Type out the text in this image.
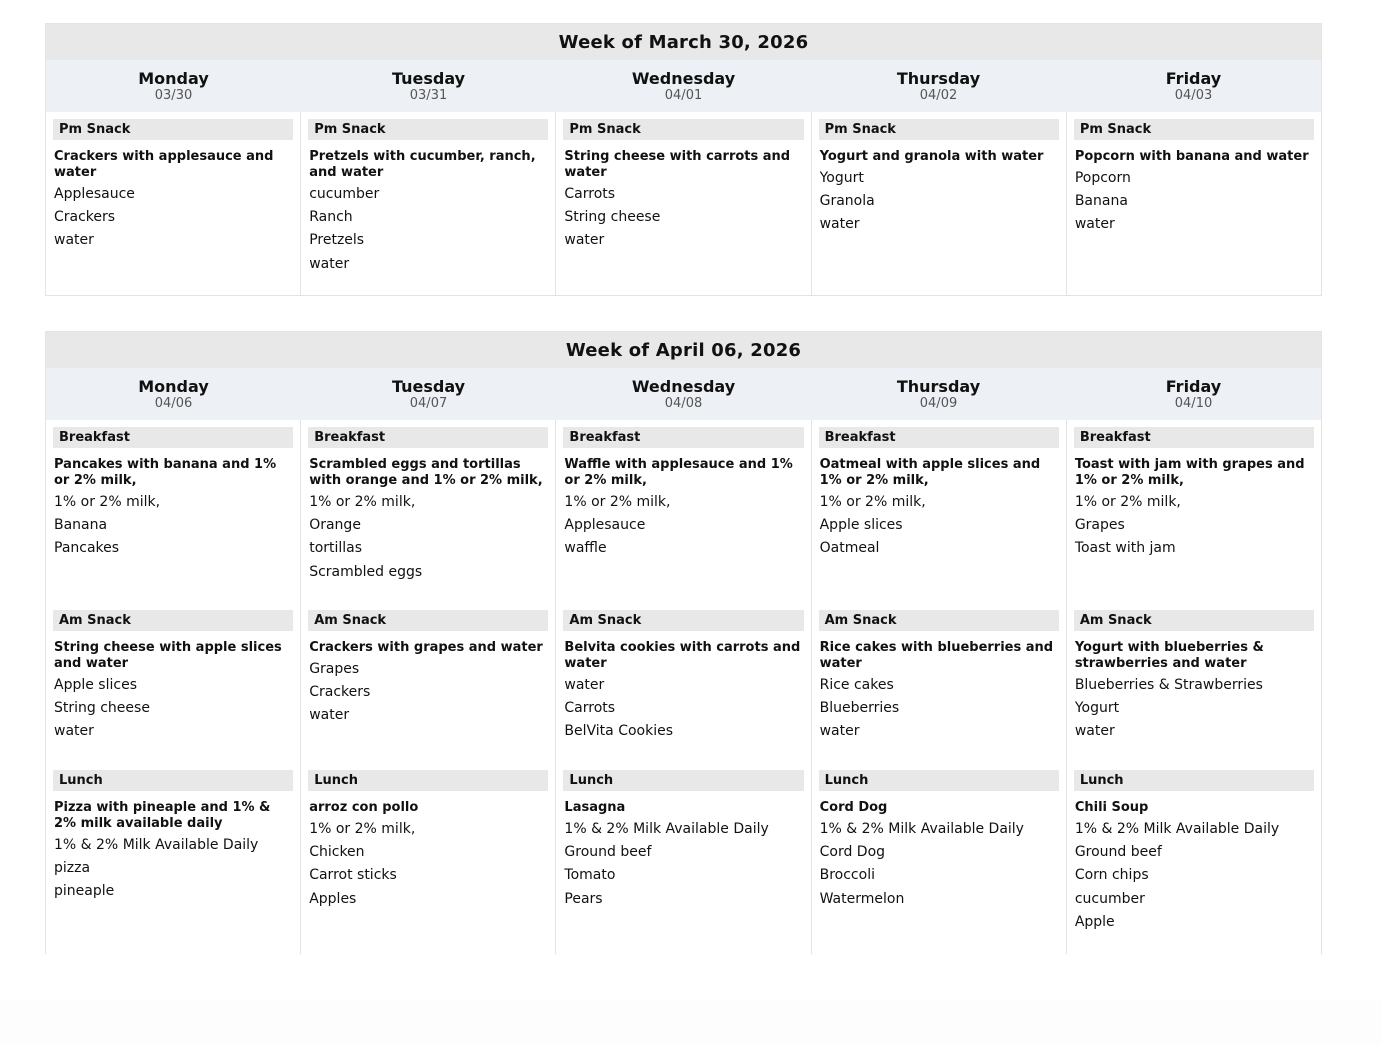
Week of March 30, 2026
Monday
03/30
Tuesday
03/31
Wednesday
04/01
Thursday
04/02
Friday
04/03
Pm Snack
Crackers with applesauce and water
Applesauce
Crackers
water
Pm Snack
Pretzels with cucumber, ranch, and water
cucumber
Ranch
Pretzels
water
Pm Snack
String cheese with carrots and water
Carrots
String cheese
water
Pm Snack
Yogurt and granola with water
Yogurt
Granola
water
Pm Snack
Popcorn with banana and water
Popcorn
Banana
water
Week of April 06, 2026
Monday
04/06
Tuesday
04/07
Wednesday
04/08
Thursday
04/09
Friday
04/10
Breakfast
Pancakes with banana and 1% or 2% milk,
1% or 2% milk,
Banana
Pancakes
Am Snack
String cheese with apple slices and water
Apple slices
String cheese
water
Lunch
Pizza with pineaple and 1% & 2% milk available daily
1% & 2% Milk Available Daily
pizza
pineaple
Breakfast
Scrambled eggs and tortillas with orange and 1% or 2% milk,
1% or 2% milk,
Orange
tortillas
Scrambled eggs
Am Snack
Crackers with grapes and water
Grapes
Crackers
water
Lunch
arroz con pollo
1% or 2% milk,
Chicken
Carrot sticks
Apples
Breakfast
Waffle with applesauce and 1% or 2% milk,
1% or 2% milk,
Applesauce
waffle
Am Snack
Belvita cookies with carrots and water
water
Carrots
BelVita Cookies
Lunch
Lasagna
1% & 2% Milk Available Daily
Ground beef
Tomato
Pears
Breakfast
Oatmeal with apple slices and 1% or 2% milk,
1% or 2% milk,
Apple slices
Oatmeal
Am Snack
Rice cakes with blueberries and water
Rice cakes
Blueberries
water
Lunch
Cord Dog
1% & 2% Milk Available Daily
Cord Dog
Broccoli
Watermelon
Breakfast
Toast with jam with grapes and 1% or 2% milk,
1% or 2% milk,
Grapes
Toast with jam
Am Snack
Yogurt with blueberries & strawberries and water
Blueberries & Strawberries
Yogurt
water
Lunch
Chili Soup
1% & 2% Milk Available Daily
Ground beef
Corn chips
cucumber
Apple
